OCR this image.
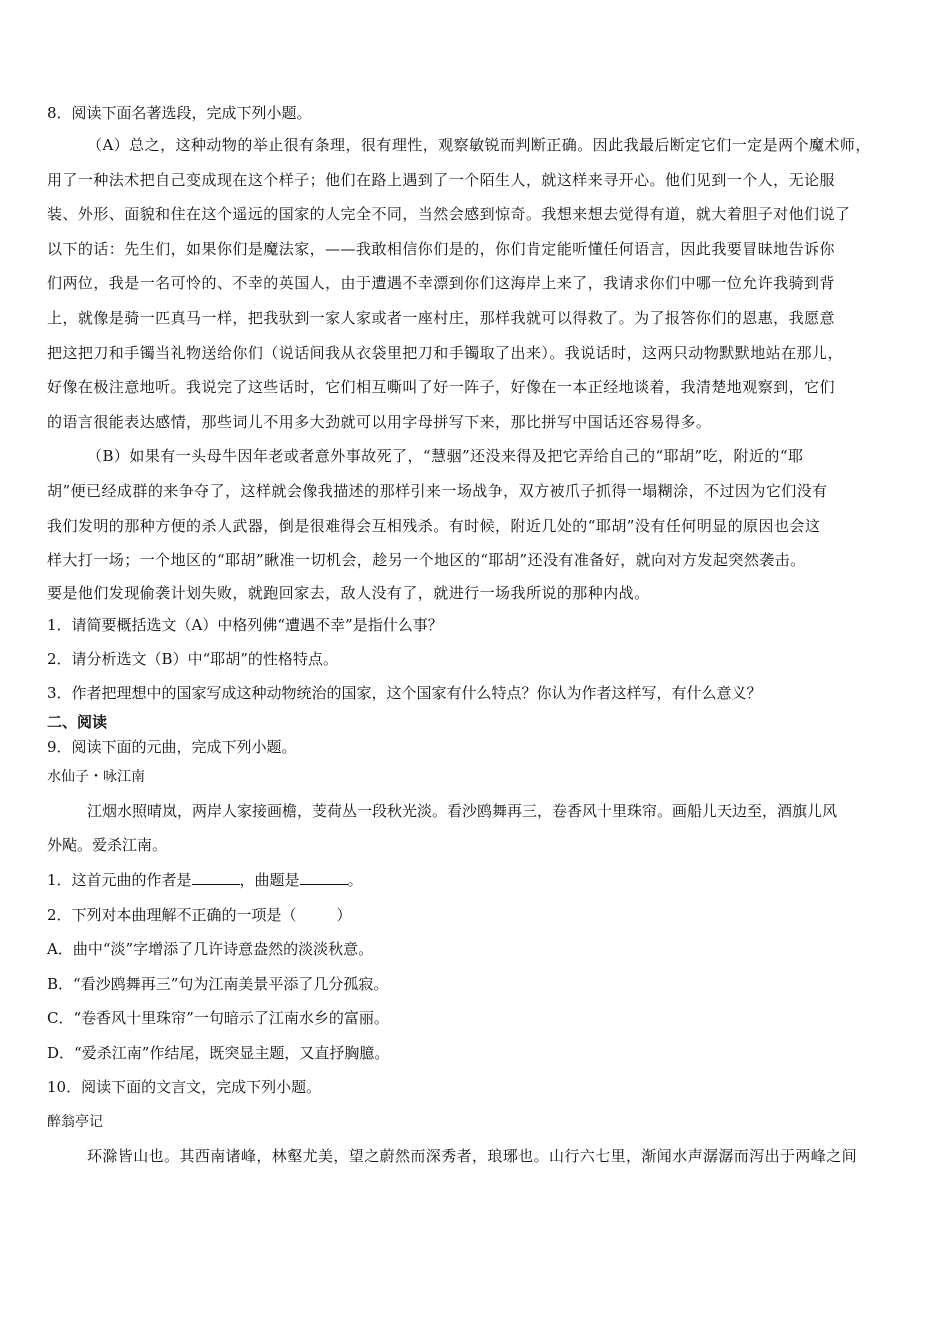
8．阅读下面名著选段，完成下列小题。

（A）总之，这种动物的举止很有条理，很有理性，观察敏锐而判断正确。因此我最后断定它们一定是两个魔术师，

用了一种法术把自己变成现在这个样子；他们在路上遇到了一个陌生人，就这样来寻开心。他们见到一个人，无论服

装、外形、面貌和住在这个遥远的国家的人完全不同，当然会感到惊奇。我想来想去觉得有道，就大着胆子对他们说了

以下的话：先生们，如果你们是魔法家，——我敢相信你们是的，你们肯定能听懂任何语言，因此我要冒昧地告诉你

们两位，我是一名可怜的、不幸的英国人，由于遭遇不幸漂到你们这海岸上来了，我请求你们中哪一位允许我骑到背

上，就像是骑一匹真马一样，把我驮到一家人家或者一座村庄，那样我就可以得救了。为了报答你们的恩惠，我愿意

把这把刀和手镯当礼物送给你们（说话间我从衣袋里把刀和手镯取了出来）。我说话时，这两只动物默默地站在那儿，

好像在极注意地听。我说完了这些话时，它们相互嘶叫了好一阵子，好像在一本正经地谈着，我清楚地观察到，它们

的语言很能表达感情，那些词儿不用多大劲就可以用字母拼写下来，那比拼写中国话还容易得多。

（B）如果有一头母牛因年老或者意外事故死了，“慧骃”还没来得及把它弄给自己的“耶胡”吃，附近的“耶

胡”便已经成群的来争夺了，这样就会像我描述的那样引来一场战争，双方被爪子抓得一塌糊涂，不过因为它们没有

我们发明的那种方便的杀人武器，倒是很难得会互相残杀。有时候，附近几处的“耶胡”没有任何明显的原因也会这

样大打一场；一个地区的“耶胡”瞅准一切机会，趁另一个地区的“耶胡”还没有准备好，就向对方发起突然袭击。

要是他们发现偷袭计划失败，就跑回家去，敌人没有了，就进行一场我所说的那种内战。

1．请简要概括选文（A）中格列佛“遭遇不幸”是指什么事？

2．请分析选文（B）中“耶胡”的性格特点。

3．作者把理想中的国家写成这种动物统治的国家，这个国家有什么特点？你认为作者这样写，有什么意义？

二、阅读

9．阅读下面的元曲，完成下列小题。

水仙子・咏江南

江烟水照晴岚，两岸人家接画檐，芰荷丛一段秋光淡。看沙鸥舞再三，卷香风十里珠帘。画船儿天边至，酒旗儿风

外飐。爱杀江南。

1．这首元曲的作者是	，曲题是	。

2．下列对本曲理解不正确的一项是（	）

A．曲中“淡”字增添了几许诗意盎然的淡淡秋意。

B．“看沙鸥舞再三”句为江南美景平添了几分孤寂。

C．“卷香风十里珠帘”一句暗示了江南水乡的富丽。

D．“爱杀江南”作结尾，既突显主题，又直抒胸臆。

10．阅读下面的文言文，完成下列小题。

醉翁亭记

环滁皆山也。其西南诸峰，林壑尤美，望之蔚然而深秀者，琅琊也。山行六七里，渐闻水声潺潺而泻出于两峰之间
